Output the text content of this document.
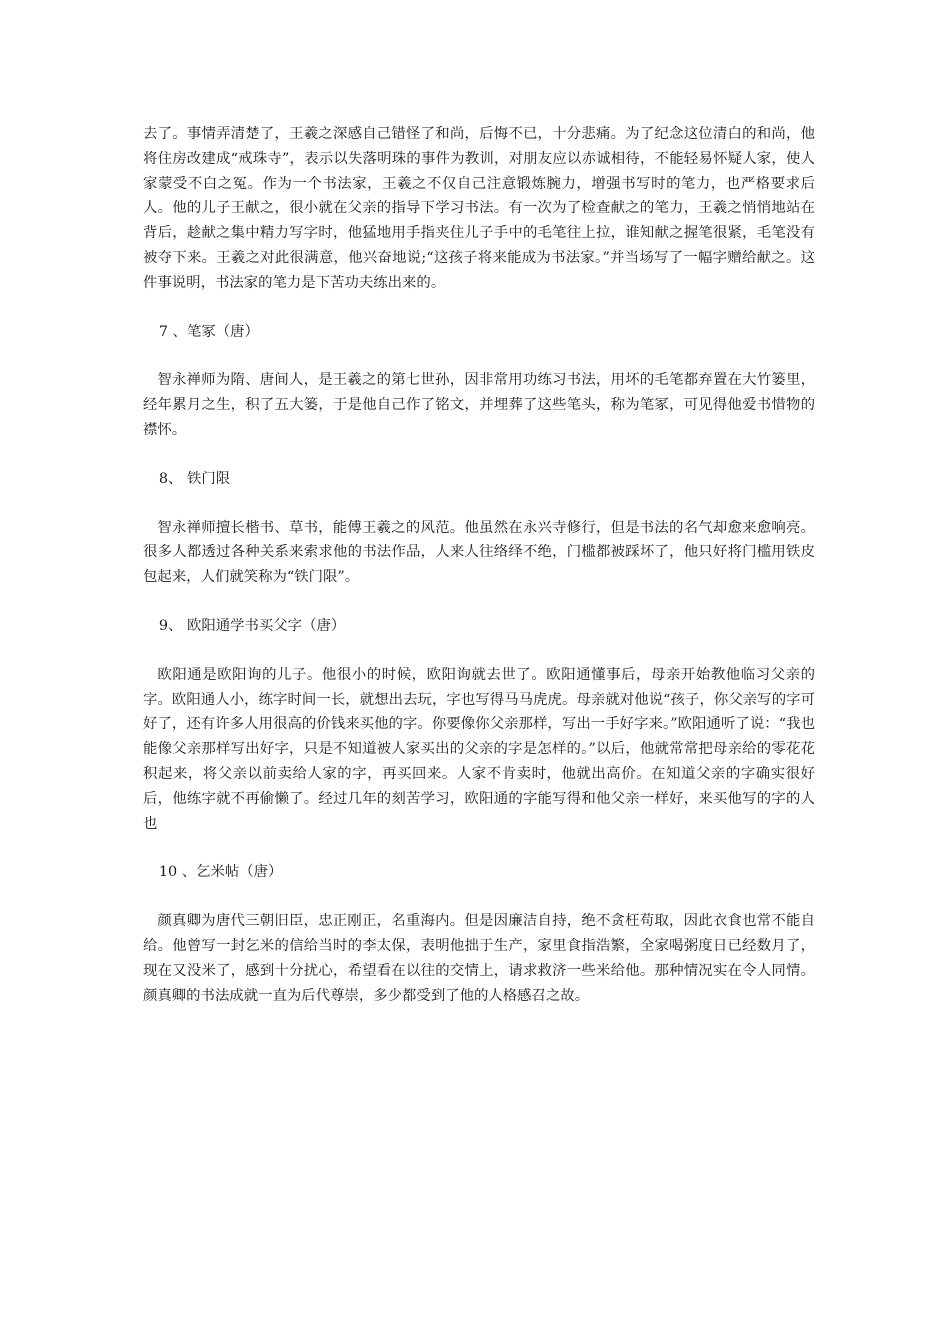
去了。事情弄清楚了，王羲之深感自己错怪了和尚，后悔不已，十分悲痛。为了纪念这位清白的和尚，他将住房改建成“戒珠寺”，表示以失落明珠的事件为教训，对朋友应以赤诚相待，不能轻易怀疑人家，使人家蒙受不白之冤。作为一个书法家，王羲之不仅自己注意锻炼腕力，增强书写时的笔力，也严格要求后人。他的儿子王献之，很小就在父亲的指导下学习书法。有一次为了检查献之的笔力，王羲之悄悄地站在背后，趁献之集中精力写字时，他猛地用手指夹住儿子手中的毛笔往上拉，谁知献之握笔很紧，毛笔没有被夺下来。王羲之对此很满意，他兴奋地说;“这孩子将来能成为书法家。”并当场写了一幅字赠给献之。这件事说明，书法家的笔力是下苦功夫练出来的。

7 、笔冢（唐）

智永禅师为隋、唐间人，是王羲之的第七世孙，因非常用功练习书法，用坏的毛笔都弃置在大竹篓里，经年累月之生，积了五大篓，于是他自己作了铭文，并埋葬了这些笔头，称为笔冢，可见得他爱书惜物的襟怀。

8、 铁门限

智永禅师擅长楷书、草书，能傅王羲之的风范。他虽然在永兴寺修行，但是书法的名气却愈来愈响亮。很多人都透过各种关系来索求他的书法作品，人来人往络绎不绝，门槛都被踩坏了，他只好将门槛用铁皮包起来，人们就笑称为“铁门限”。

9、 欧阳通学书买父字（唐）

欧阳通是欧阳询的儿子。他很小的时候，欧阳询就去世了。欧阳通懂事后，母亲开始教他临习父亲的字。欧阳通人小，练字时间一长，就想出去玩，字也写得马马虎虎。母亲就对他说“孩子，你父亲写的字可好了，还有许多人用很高的价钱来买他的字。你要像你父亲那样，写出一手好字来。”欧阳通听了说：“我也能像父亲那样写出好字，只是不知道被人家买出的父亲的字是怎样的。”以后，他就常常把母亲给的零花花积起来，将父亲以前卖给人家的字，再买回来。人家不肯卖时，他就出高价。在知道父亲的字确实很好后，他练字就不再偷懒了。经过几年的刻苦学习，欧阳通的字能写得和他父亲一样好，来买他写的字的人也

10 、乞米帖（唐）

颜真卿为唐代三朝旧臣，忠正刚正，名重海内。但是因廉洁自持，绝不贪枉苟取，因此衣食也常不能自给。他曾写一封乞米的信给当时的李太保，表明他拙于生产，家里食指浩繁，全家喝粥度日已经数月了，现在又没米了，感到十分扰心，希望看在以往的交情上，请求救济一些米给他。那种情况实在令人同情。颜真卿的书法成就一直为后代尊崇，多少都受到了他的人格感召之故。
